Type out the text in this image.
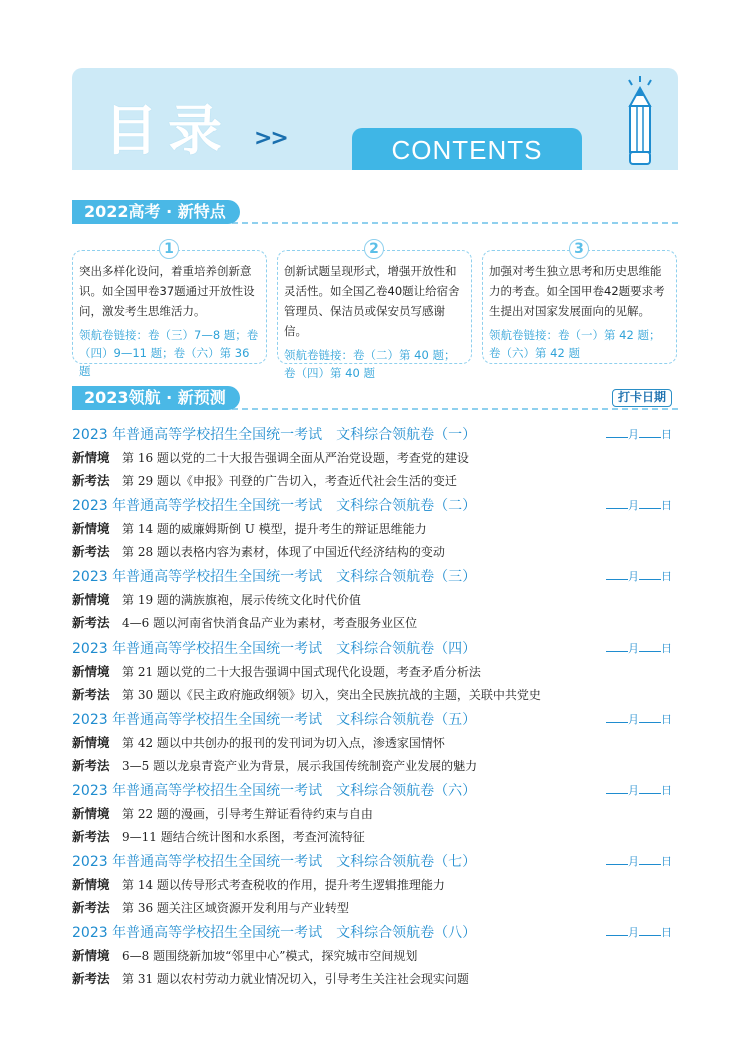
目录 >>	CONTENTS
2022高考 · 新特点
1
突出多样化设问，着重培养创新意识。如全国甲卷37题通过开放性设问，激发考生思维活力。
领航卷链接：卷（三）7—8 题；卷（四）9—11 题；卷（六）第 36 题
2
创新试题呈现形式，增强开放性和灵活性。如全国乙卷40题让给宿舍管理员、保洁员或保安员写感谢信。
领航卷链接：卷（二）第 40 题；卷（四）第 40 题
3
加强对考生独立思考和历史思维能力的考查。如全国甲卷42题要求考生提出对国家发展面向的见解。
领航卷链接：卷（一）第 42 题；卷（六）第 42 题
2023领航 · 新预测	打卡日期
2023 年普通高等学校招生全国统一考试　文科综合领航卷（一）	月 日
新情境 第 16 题以党的二十大报告强调全面从严治党设题，考查党的建设
新考法 第 29 题以《申报》刊登的广告切入，考查近代社会生活的变迁
2023 年普通高等学校招生全国统一考试　文科综合领航卷（二）	月 日
新情境 第 14 题的威廉姆斯倒 U 模型，提升考生的辩证思维能力
新考法 第 28 题以表格内容为素材，体现了中国近代经济结构的变动
2023 年普通高等学校招生全国统一考试　文科综合领航卷（三）	月 日
新情境 第 19 题的满族旗袍，展示传统文化时代价值
新考法 4—6 题以河南省快消食品产业为素材，考查服务业区位
2023 年普通高等学校招生全国统一考试　文科综合领航卷（四）	月 日
新情境 第 21 题以党的二十大报告强调中国式现代化设题，考查矛盾分析法
新考法 第 30 题以《民主政府施政纲领》切入，突出全民族抗战的主题，关联中共党史
2023 年普通高等学校招生全国统一考试　文科综合领航卷（五）	月 日
新情境 第 42 题以中共创办的报刊的发刊词为切入点，渗透家国情怀
新考法 3—5 题以龙泉青瓷产业为背景，展示我国传统制瓷产业发展的魅力
2023 年普通高等学校招生全国统一考试　文科综合领航卷（六）	月 日
新情境 第 22 题的漫画，引导考生辩证看待约束与自由
新考法 9—11 题结合统计图和水系图，考查河流特征
2023 年普通高等学校招生全国统一考试　文科综合领航卷（七）	月 日
新情境 第 14 题以传导形式考查税收的作用，提升考生逻辑推理能力
新考法 第 36 题关注区域资源开发利用与产业转型
2023 年普通高等学校招生全国统一考试　文科综合领航卷（八）	月 日
新情境 6—8 题围绕新加坡“邻里中心”模式，探究城市空间规划
新考法 第 31 题以农村劳动力就业情况切入，引导考生关注社会现实问题
